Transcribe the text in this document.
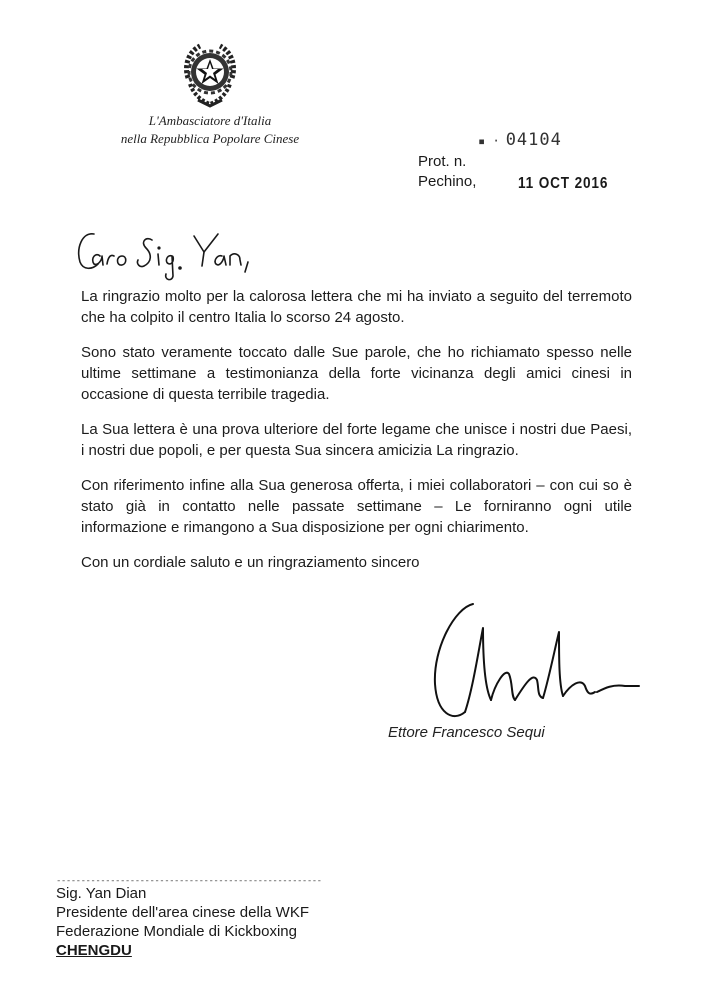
L'Ambasciatore d'Italia
nella Repubblica Popolare Cinese	▪ · 04104
Prot. n.
Pechino,	11 OCT 2016

La ringrazio molto per la calorosa lettera che mi ha inviato a seguito del terremoto che ha colpito il centro Italia lo scorso 24 agosto.

Sono stato veramente toccato dalle Sue parole, che ho richiamato spesso nelle ultime settimane a testimonianza della forte vicinanza degli amici cinesi in occasione di questa terribile tragedia.

La Sua lettera è una prova ulteriore del forte legame che unisce i nostri due Paesi, i nostri due popoli, e per questa Sua sincera amicizia La ringrazio.

Con riferimento infine alla Sua generosa offerta, i miei collaboratori – con cui so è stato già in contatto nelle passate settimane – Le forniranno ogni utile informazione e rimangono a Sua disposizione per ogni chiarimento.

Con un cordiale saluto e un ringraziamento sincero

Ettore Francesco Sequi
------------------------------------------------------
Sig. Yan Dian
Presidente dell'area cinese della WKF
Federazione Mondiale di Kickboxing
CHENGDU
